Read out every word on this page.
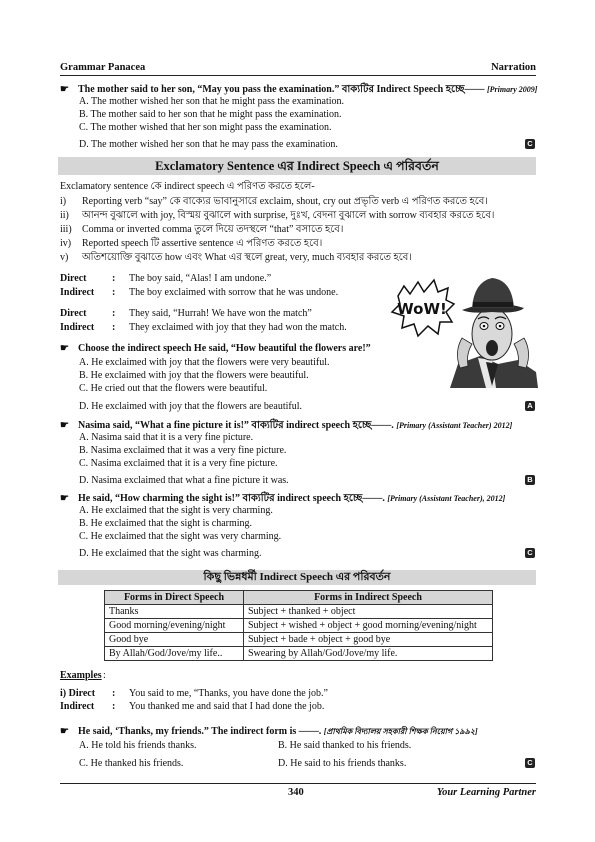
Grammar Panacea	Narration
☛ The mother said to her son, “May you pass the examination.” বাক্যটির Indirect Speech হচ্ছে—— [Primary 2009]
A. The mother wished her son that he might pass the examination.
B. The mother said to her son that he might pass the examination.
C. The mother wished that her son might pass the examination.
D. The mother wished her son that he may pass the examination.	C
Exclamatory Sentence এর Indirect Speech এ পরিবর্তন
Exclamatory sentence কে indirect speech এ পরিণত করতে হলে-
i) Reporting verb “say” কে বাক্যের ভাবানুসারে exclaim, shout, cry out প্রভৃতি verb এ পরিণত করতে হবে।
ii) আনন্দ বুঝালে with joy, বিস্ময় বুঝালে with surprise, দুঃখ, বেদনা বুঝালে with sorrow ব্যবহার করতে হবে।
iii) Comma or inverted comma তুলে দিয়ে তদস্থলে “that” বসাতে হবে।
iv) Reported speech টি assertive sentence এ পরিণত করতে হবে।
v) অতিশয়োক্তি বুঝাতে how এবং What এর স্থলে great, very, much ব্যবহার করতে হবে।
Direct	: The boy said, “Alas! I am undone.”
Indirect : The boy exclaimed with sorrow that he was undone.
Direct	: They said, “Hurrah! We have won the match”
Indirect : They exclaimed with joy that they had won the match.
WoW!
☛ Choose the indirect speech He said, “How beautiful the flowers are!”
A. He exclaimed with joy that the flowers were very beautiful.
B. He exclaimed with joy that the flowers were beautiful.
C. He cried out that the flowers were beautiful.
D. He exclaimed with joy that the flowers are beautiful.	A
☛ Nasima said, “What a fine picture it is!” বাক্যটির indirect speech হচ্ছে——. [Primary (Assistant Teacher) 2012]
A. Nasima said that it is a very fine picture.
B. Nasima exclaimed that it was a very fine picture.
C. Nasima exclaimed that it is a very fine picture.
D. Nasima exclaimed that what a fine picture it was.	B
☛ He said, “How charming the sight is!” বাক্যটির indirect speech হচ্ছে——. [Primary (Assistant Teacher), 2012]
A. He exclaimed that the sight is very charming.
B. He exclaimed that the sight is charming.
C. He exclaimed that the sight was very charming.
D. He exclaimed that the sight was charming.	C
কিছু ভিন্নধর্মী Indirect Speech এর পরিবর্তন
Forms in Direct Speech	Forms in Indirect Speech
Thanks	Subject + thanked + object
Good morning/evening/night	Subject + wished + object + good morning/evening/night
Good bye	Subject + bade + object + good bye
By Allah/God/Jove/my life..	Swearing by Allah/God/Jove/my life.
Examples :
i) Direct : You said to me, “Thanks, you have done the job.”
Indirect : You thanked me and said that I had done the job.
☛ He said, ‘Thanks, my friends.” The indirect form is ——. [প্রাথমিক বিদ্যালয় সহকারী শিক্ষক নিয়োগ ১৯৯২]
A. He told his friends thanks.	B. He said thanked to his friends.
C. He thanked his friends.	D. He said to his friends thanks.	C
340	Your Learning Partner
